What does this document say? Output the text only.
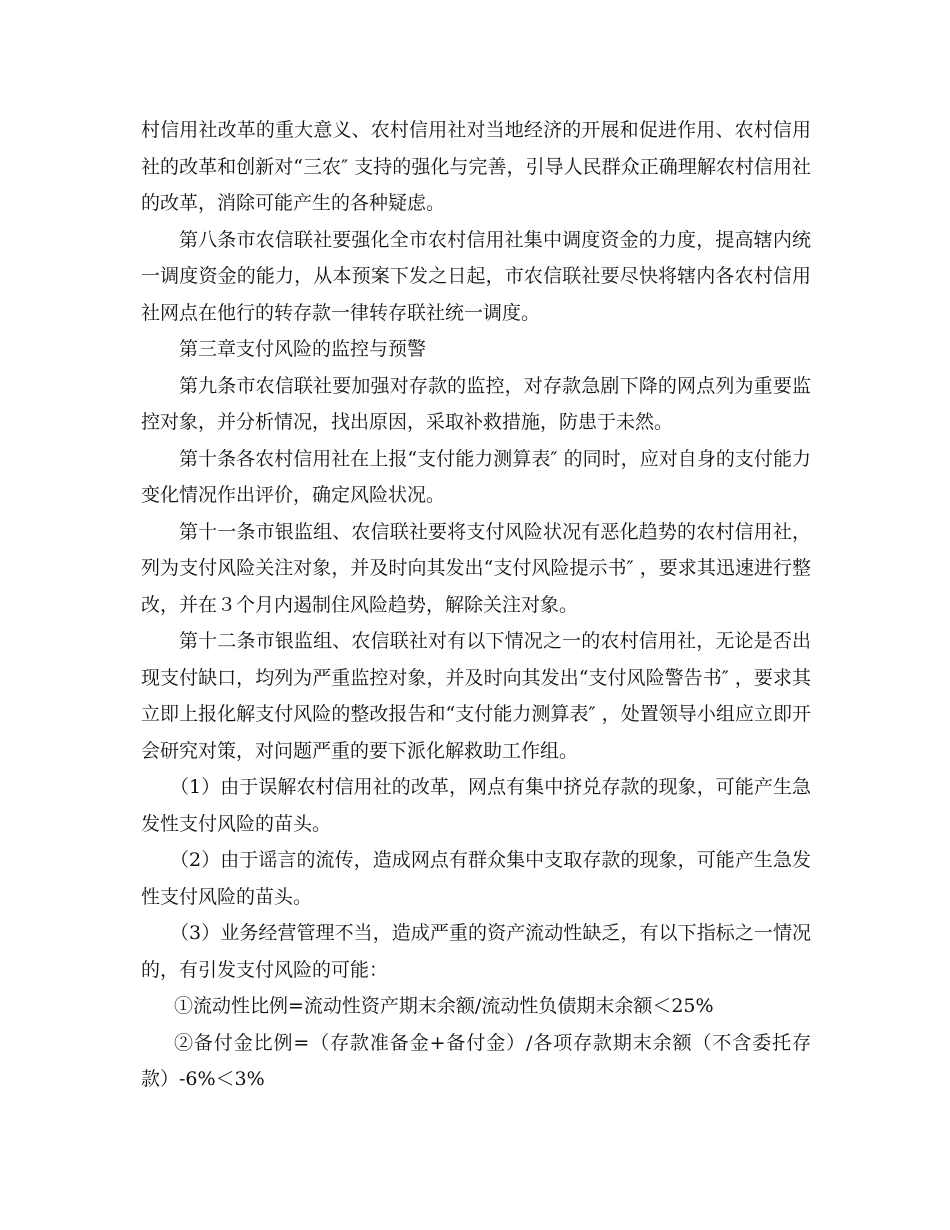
村信用社改革的重大意义、农村信用社对当地经济的开展和促进作用、农村信用社的改革和创新对“三农″ 支持的强化与完善，引导人民群众正确理解农村信用社的改革，消除可能产生的各种疑虑。

第八条市农信联社要强化全市农村信用社集中调度资金的力度，提高辖内统一调度资金的能力，从本预案下发之日起，市农信联社要尽快将辖内各农村信用社网点在他行的转存款一律转存联社统一调度。

第三章支付风险的监控与预警

第九条市农信联社要加强对存款的监控，对存款急剧下降的网点列为重要监控对象，并分析情况，找出原因，采取补救措施，防患于未然。

第十条各农村信用社在上报“支付能力测算表″ 的同时，应对自身的支付能力变化情况作出评价，确定风险状况。

第十一条市银监组、农信联社要将支付风险状况有恶化趋势的农村信用社，列为支付风险关注对象，并及时向其发出“支付风险提示书″ ，要求其迅速进行整改，并在３个月内遏制住风险趋势，解除关注对象。

第十二条市银监组、农信联社对有以下情况之一的农村信用社，无论是否出现支付缺口，均列为严重监控对象，并及时向其发出“支付风险警告书″ ，要求其立即上报化解支付风险的整改报告和“支付能力测算表″ ，处置领导小组应立即开会研究对策，对问题严重的要下派化解救助工作组。

（1）由于误解农村信用社的改革，网点有集中挤兑存款的现象，可能产生急发性支付风险的苗头。

（2）由于谣言的流传，造成网点有群众集中支取存款的现象，可能产生急发性支付风险的苗头。

（3）业务经营管理不当，造成严重的资产流动性缺乏，有以下指标之一情况的，有引发支付风险的可能：

①流动性比例=流动性资产期末余额/流动性负债期末余额＜25%

②备付金比例=（存款准备金+备付金）/各项存款期末余额（不含委托存款）-6%＜3%
